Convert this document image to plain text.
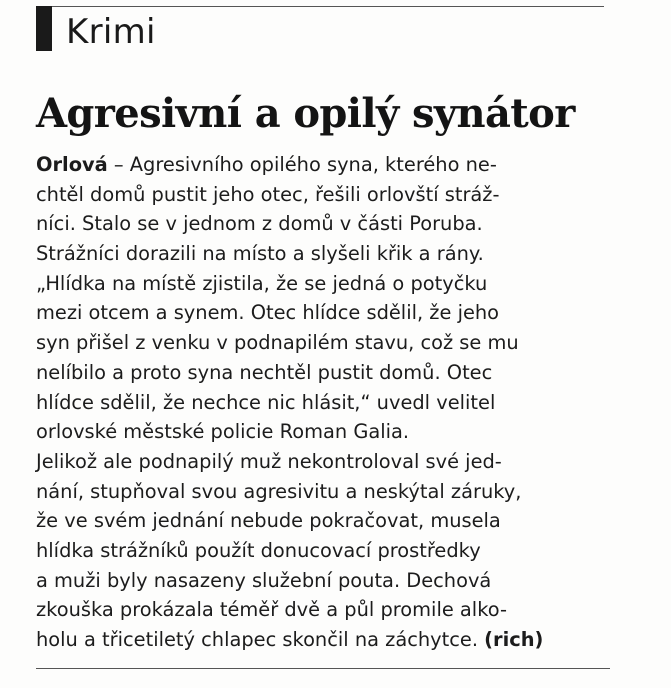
Krimi
Agresivní a opilý synátor
Orlová – Agresivního opilého syna, kterého ne-
chtěl domů pustit jeho otec, řešili orlovští stráž-
níci. Stalo se v jednom z domů v části Poruba.
Strážníci dorazili na místo a slyšeli křik a rány.
„Hlídka na místě zjistila, že se jedná o potyčku
mezi otcem a synem. Otec hlídce sdělil, že jeho
syn přišel z venku v podnapilém stavu, což se mu
nelíbilo a proto syna nechtěl pustit domů. Otec
hlídce sdělil, že nechce nic hlásit,“ uvedl velitel
orlovské městské policie Roman Galia.
Jelikož ale podnapilý muž nekontroloval své jed-
nání, stupňoval svou agresivitu a neskýtal záruky,
že ve svém jednání nebude pokračovat, musela
hlídka strážníků použít donucovací prostředky
a muži byly nasazeny služební pouta. Dechová
zkouška prokázala téměř dvě a půl promile alko-
holu a třicetiletý chlapec skončil na záchytce. (rich)
